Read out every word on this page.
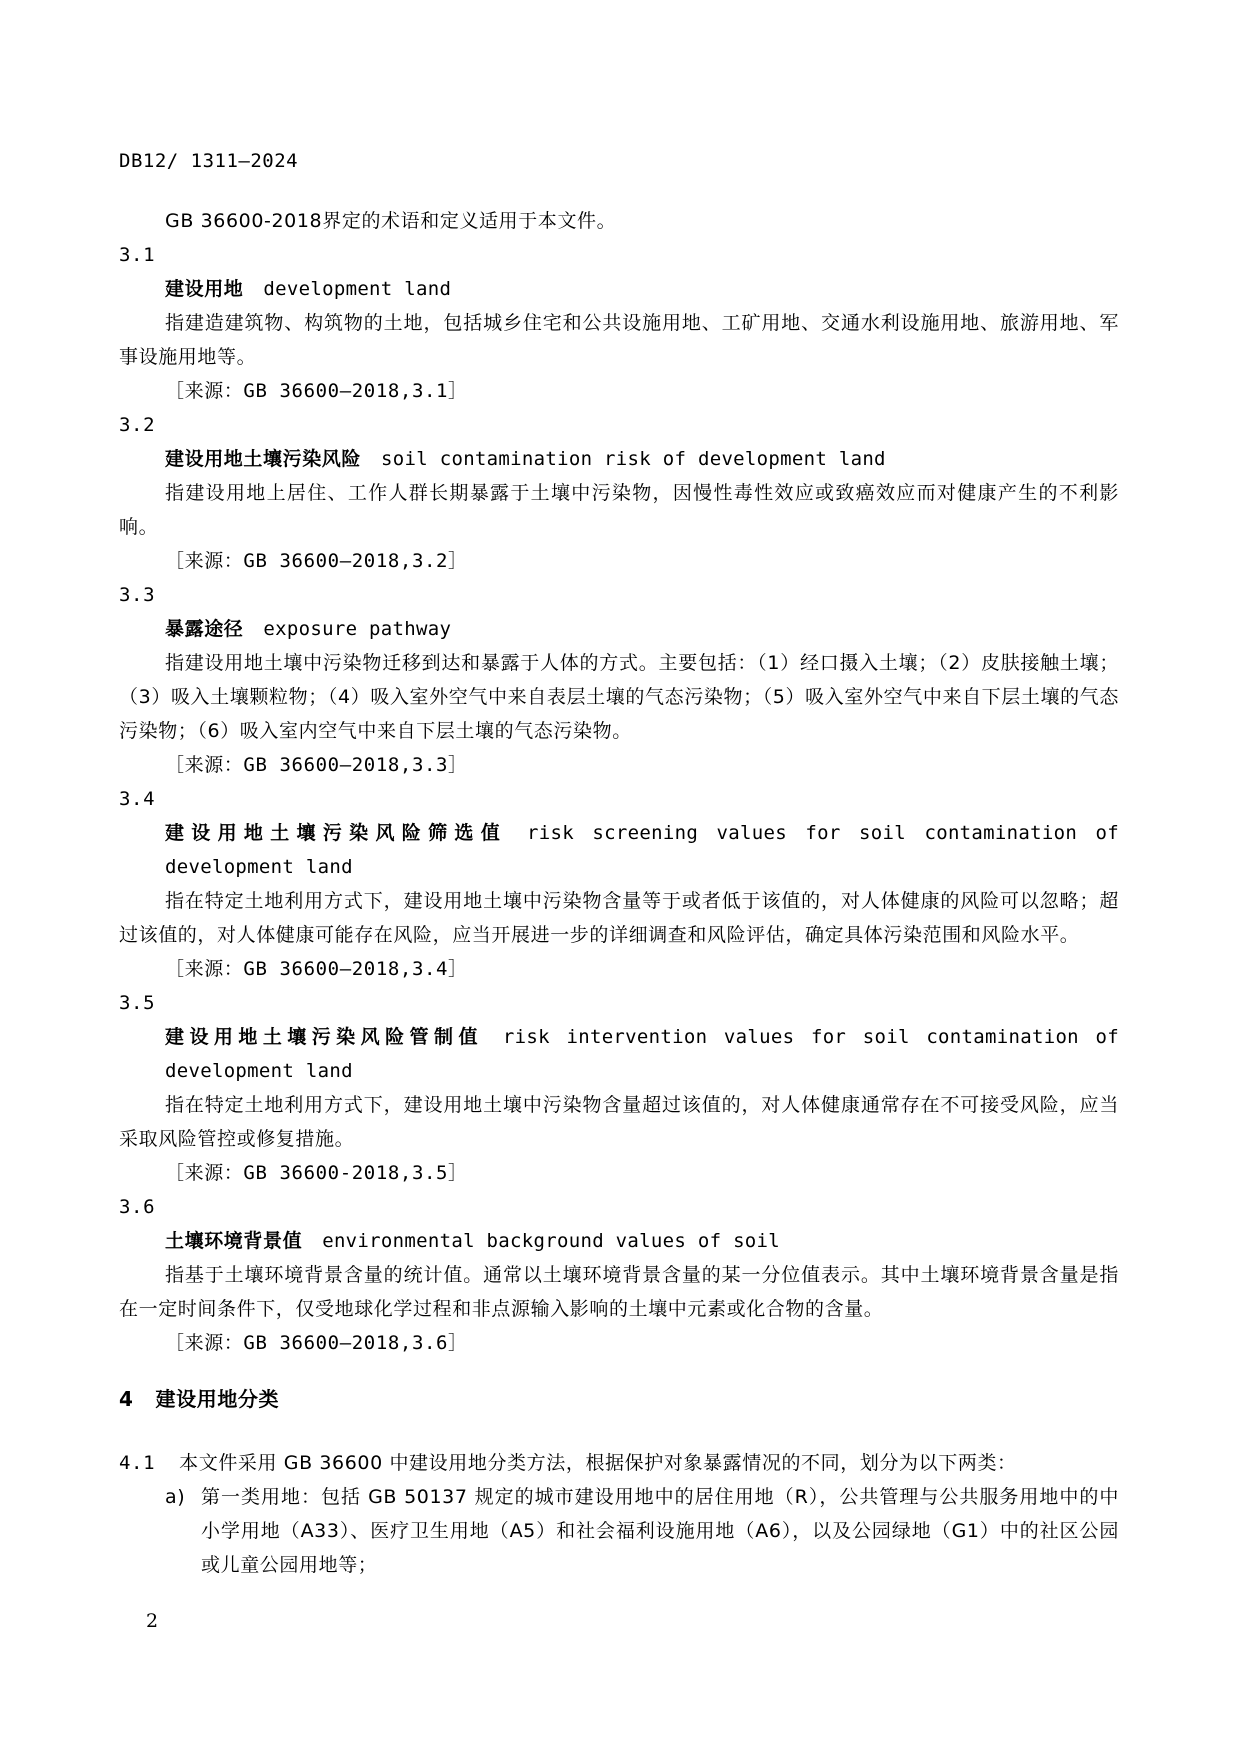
DB12/ 1311—2024
GB 36600-2018界定的术语和定义适用于本文件。
3.1
建设用地 development land
指建造建筑物、构筑物的土地，包括城乡住宅和公共设施用地、工矿用地、交通水利设施用地、旅游用地、军事设施用地等。
［来源：GB 36600—2018,3.1］
3.2
建设用地土壤污染风险 soil contamination risk of development land
指建设用地上居住、工作人群长期暴露于土壤中污染物，因慢性毒性效应或致癌效应而对健康产生的不利影响。
［来源：GB 36600—2018,3.2］
3.3
暴露途径 exposure pathway
指建设用地土壤中污染物迁移到达和暴露于人体的方式。主要包括：（1）经口摄入土壤；（2）皮肤接触土壤；（3）吸入土壤颗粒物；（4）吸入室外空气中来自表层土壤的气态污染物；（5）吸入室外空气中来自下层土壤的气态污染物；（6）吸入室内空气中来自下层土壤的气态污染物。
［来源：GB 36600—2018,3.3］
3.4
建设用地土壤污染风险筛选值 risk screening values for soil contamination of development land
指在特定土地利用方式下，建设用地土壤中污染物含量等于或者低于该值的，对人体健康的风险可以忽略；超过该值的，对人体健康可能存在风险，应当开展进一步的详细调查和风险评估，确定具体污染范围和风险水平。
［来源：GB 36600—2018,3.4］
3.5
建设用地土壤污染风险管制值 risk intervention values for soil contamination of development land
指在特定土地利用方式下，建设用地土壤中污染物含量超过该值的，对人体健康通常存在不可接受风险，应当采取风险管控或修复措施。
［来源：GB 36600-2018,3.5］
3.6
土壤环境背景值 environmental background values of soil
指基于土壤环境背景含量的统计值。通常以土壤环境背景含量的某一分位值表示。其中土壤环境背景含量是指在一定时间条件下，仅受地球化学过程和非点源输入影响的土壤中元素或化合物的含量。
［来源：GB 36600—2018,3.6］
4 建设用地分类
4.1 本文件采用 GB 36600 中建设用地分类方法，根据保护对象暴露情况的不同，划分为以下两类：
a) 第一类用地：包括 GB 50137 规定的城市建设用地中的居住用地（R），公共管理与公共服务用地中的中小学用地（A33）、医疗卫生用地（A5）和社会福利设施用地（A6），以及公园绿地（G1）中的社区公园或儿童公园用地等；
2
